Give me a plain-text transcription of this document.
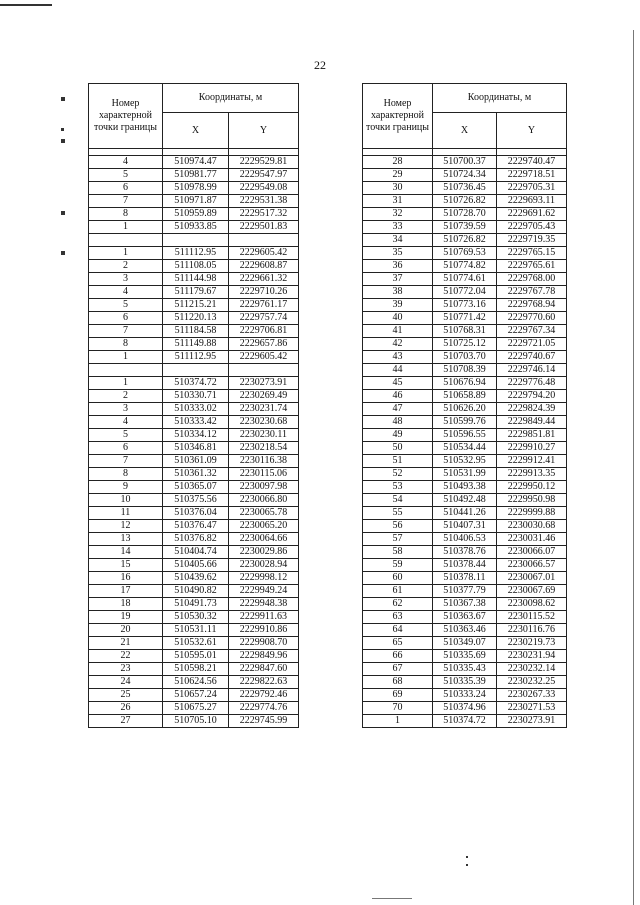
22
Номер характерной точки границы	Координаты, м	
	X	Y

4	510974.47	2229529.81
5	510981.77	2229547.97
6	510978.99	2229549.08
7	510971.87	2229531.38
8	510959.89	2229517.32
1	510933.85	2229501.83

1	511112.95	2229605.42
2	511108.05	2229608.87
3	511144.98	2229661.32
4	511179.67	2229710.26
5	511215.21	2229761.17
6	511220.13	2229757.74
7	511184.58	2229706.81
8	511149.88	2229657.86
1	511112.95	2229605.42

1	510374.72	2230273.91
2	510330.71	2230269.49
3	510333.02	2230231.74
4	510333.42	2230230.68
5	510334.12	2230230.11
6	510346.81	2230218.54
7	510361.09	2230116.38
8	510361.32	2230115.06
9	510365.07	2230097.98
10	510375.56	2230066.80
11	510376.04	2230065.78
12	510376.47	2230065.20
13	510376.82	2230064.66
14	510404.74	2230029.86
15	510405.66	2230028.94
16	510439.62	2229998.12
17	510490.82	2229949.24
18	510491.73	2229948.38
19	510530.32	2229911.63
20	510531.11	2229910.86
21	510532.61	2229908.70
22	510595.01	2229849.96
23	510598.21	2229847.60
24	510624.56	2229822.63
25	510657.24	2229792.46
26	510675.27	2229774.76
27	510705.10	2229745.99
Номер характерной точки границы	Координаты, м	
	X	Y

28	510700.37	2229740.47
29	510724.34	2229718.51
30	510736.45	2229705.31
31	510726.82	2229693.11
32	510728.70	2229691.62
33	510739.59	2229705.43
34	510726.82	2229719.35
35	510769.53	2229765.15
36	510774.82	2229765.61
37	510774.61	2229768.00
38	510772.04	2229767.78
39	510773.16	2229768.94
40	510771.42	2229770.60
41	510768.31	2229767.34
42	510725.12	2229721.05
43	510703.70	2229740.67
44	510708.39	2229746.14
45	510676.94	2229776.48
46	510658.89	2229794.20
47	510626.20	2229824.39
48	510599.76	2229849.44
49	510596.55	2229851.81
50	510534.44	2229910.27
51	510532.95	2229912.41
52	510531.99	2229913.35
53	510493.38	2229950.12
54	510492.48	2229950.98
55	510441.26	2229999.88
56	510407.31	2230030.68
57	510406.53	2230031.46
58	510378.76	2230066.07
59	510378.44	2230066.57
60	510378.11	2230067.01
61	510377.79	2230067.69
62	510367.38	2230098.62
63	510363.67	2230115.52
64	510363.46	2230116.76
65	510349.07	2230219.73
66	510335.69	2230231.94
67	510335.43	2230232.14
68	510335.39	2230232.25
69	510333.24	2230267.33
70	510374.96	2230271.53
1	510374.72	2230273.91
